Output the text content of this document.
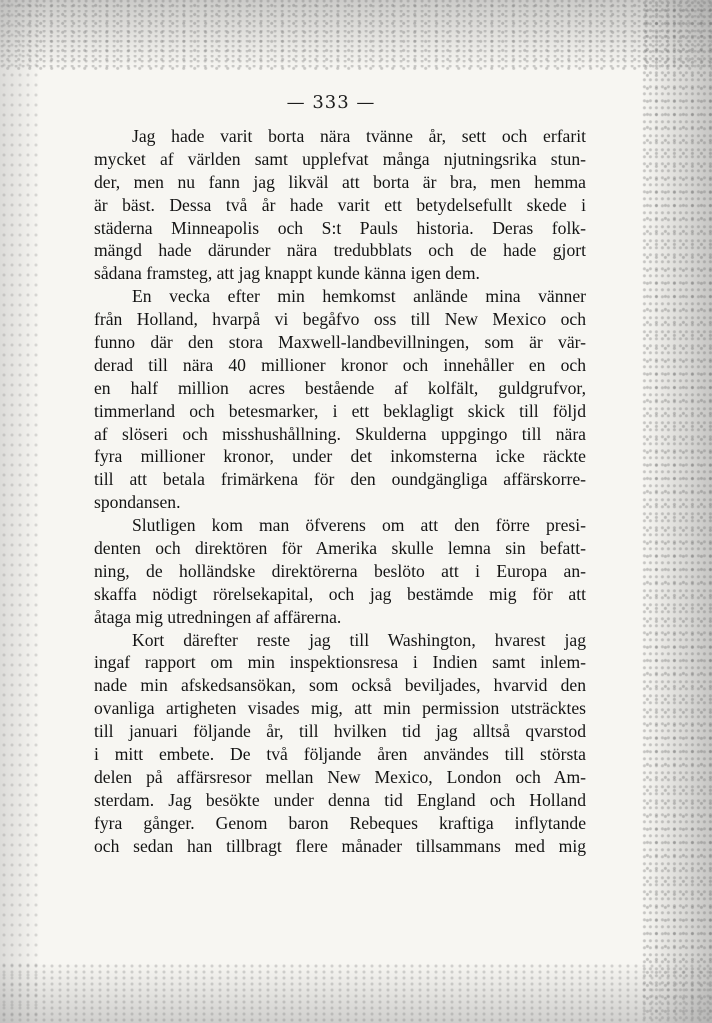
— 333 —
Jag hade varit borta nära tvänne år, sett och erfarit
mycket af världen samt upplefvat många njutningsrika stun-
der, men nu fann jag likväl att borta är bra, men hemma
är bäst. Dessa två år hade varit ett betydelsefullt skede i
städerna Minneapolis och S:t Pauls historia. Deras folk-
mängd hade därunder nära tredubblats och de hade gjort
sådana framsteg, att jag knappt kunde känna igen dem.
En vecka efter min hemkomst anlände mina vänner
från Holland, hvarpå vi begåfvo oss till New Mexico och
funno där den stora Maxwell-landbevillningen, som är vär-
derad till nära 40 millioner kronor och innehåller en och
en half million acres bestående af kolfält, guldgrufvor,
timmerland och betesmarker, i ett beklagligt skick till följd
af slöseri och misshushållning. Skulderna uppgingo till nära
fyra millioner kronor, under det inkomsterna icke räckte
till att betala frimärkena för den oundgängliga affärskorre-
spondansen.
Slutligen kom man öfverens om att den förre presi-
denten och direktören för Amerika skulle lemna sin befatt-
ning, de holländske direktörerna beslöto att i Europa an-
skaffa nödigt rörelsekapital, och jag bestämde mig för att
åtaga mig utredningen af affärerna.
Kort därefter reste jag till Washington, hvarest jag
ingaf rapport om min inspektionsresa i Indien samt inlem-
nade min afskedsansökan, som också beviljades, hvarvid den
ovanliga artigheten visades mig, att min permission utsträcktes
till januari följande år, till hvilken tid jag alltså qvarstod
i mitt embete. De två följande åren användes till största
delen på affärsresor mellan New Mexico, London och Am-
sterdam. Jag besökte under denna tid England och Holland
fyra gånger. Genom baron Rebeques kraftiga inflytande
och sedan han tillbragt flere månader tillsammans med mig
